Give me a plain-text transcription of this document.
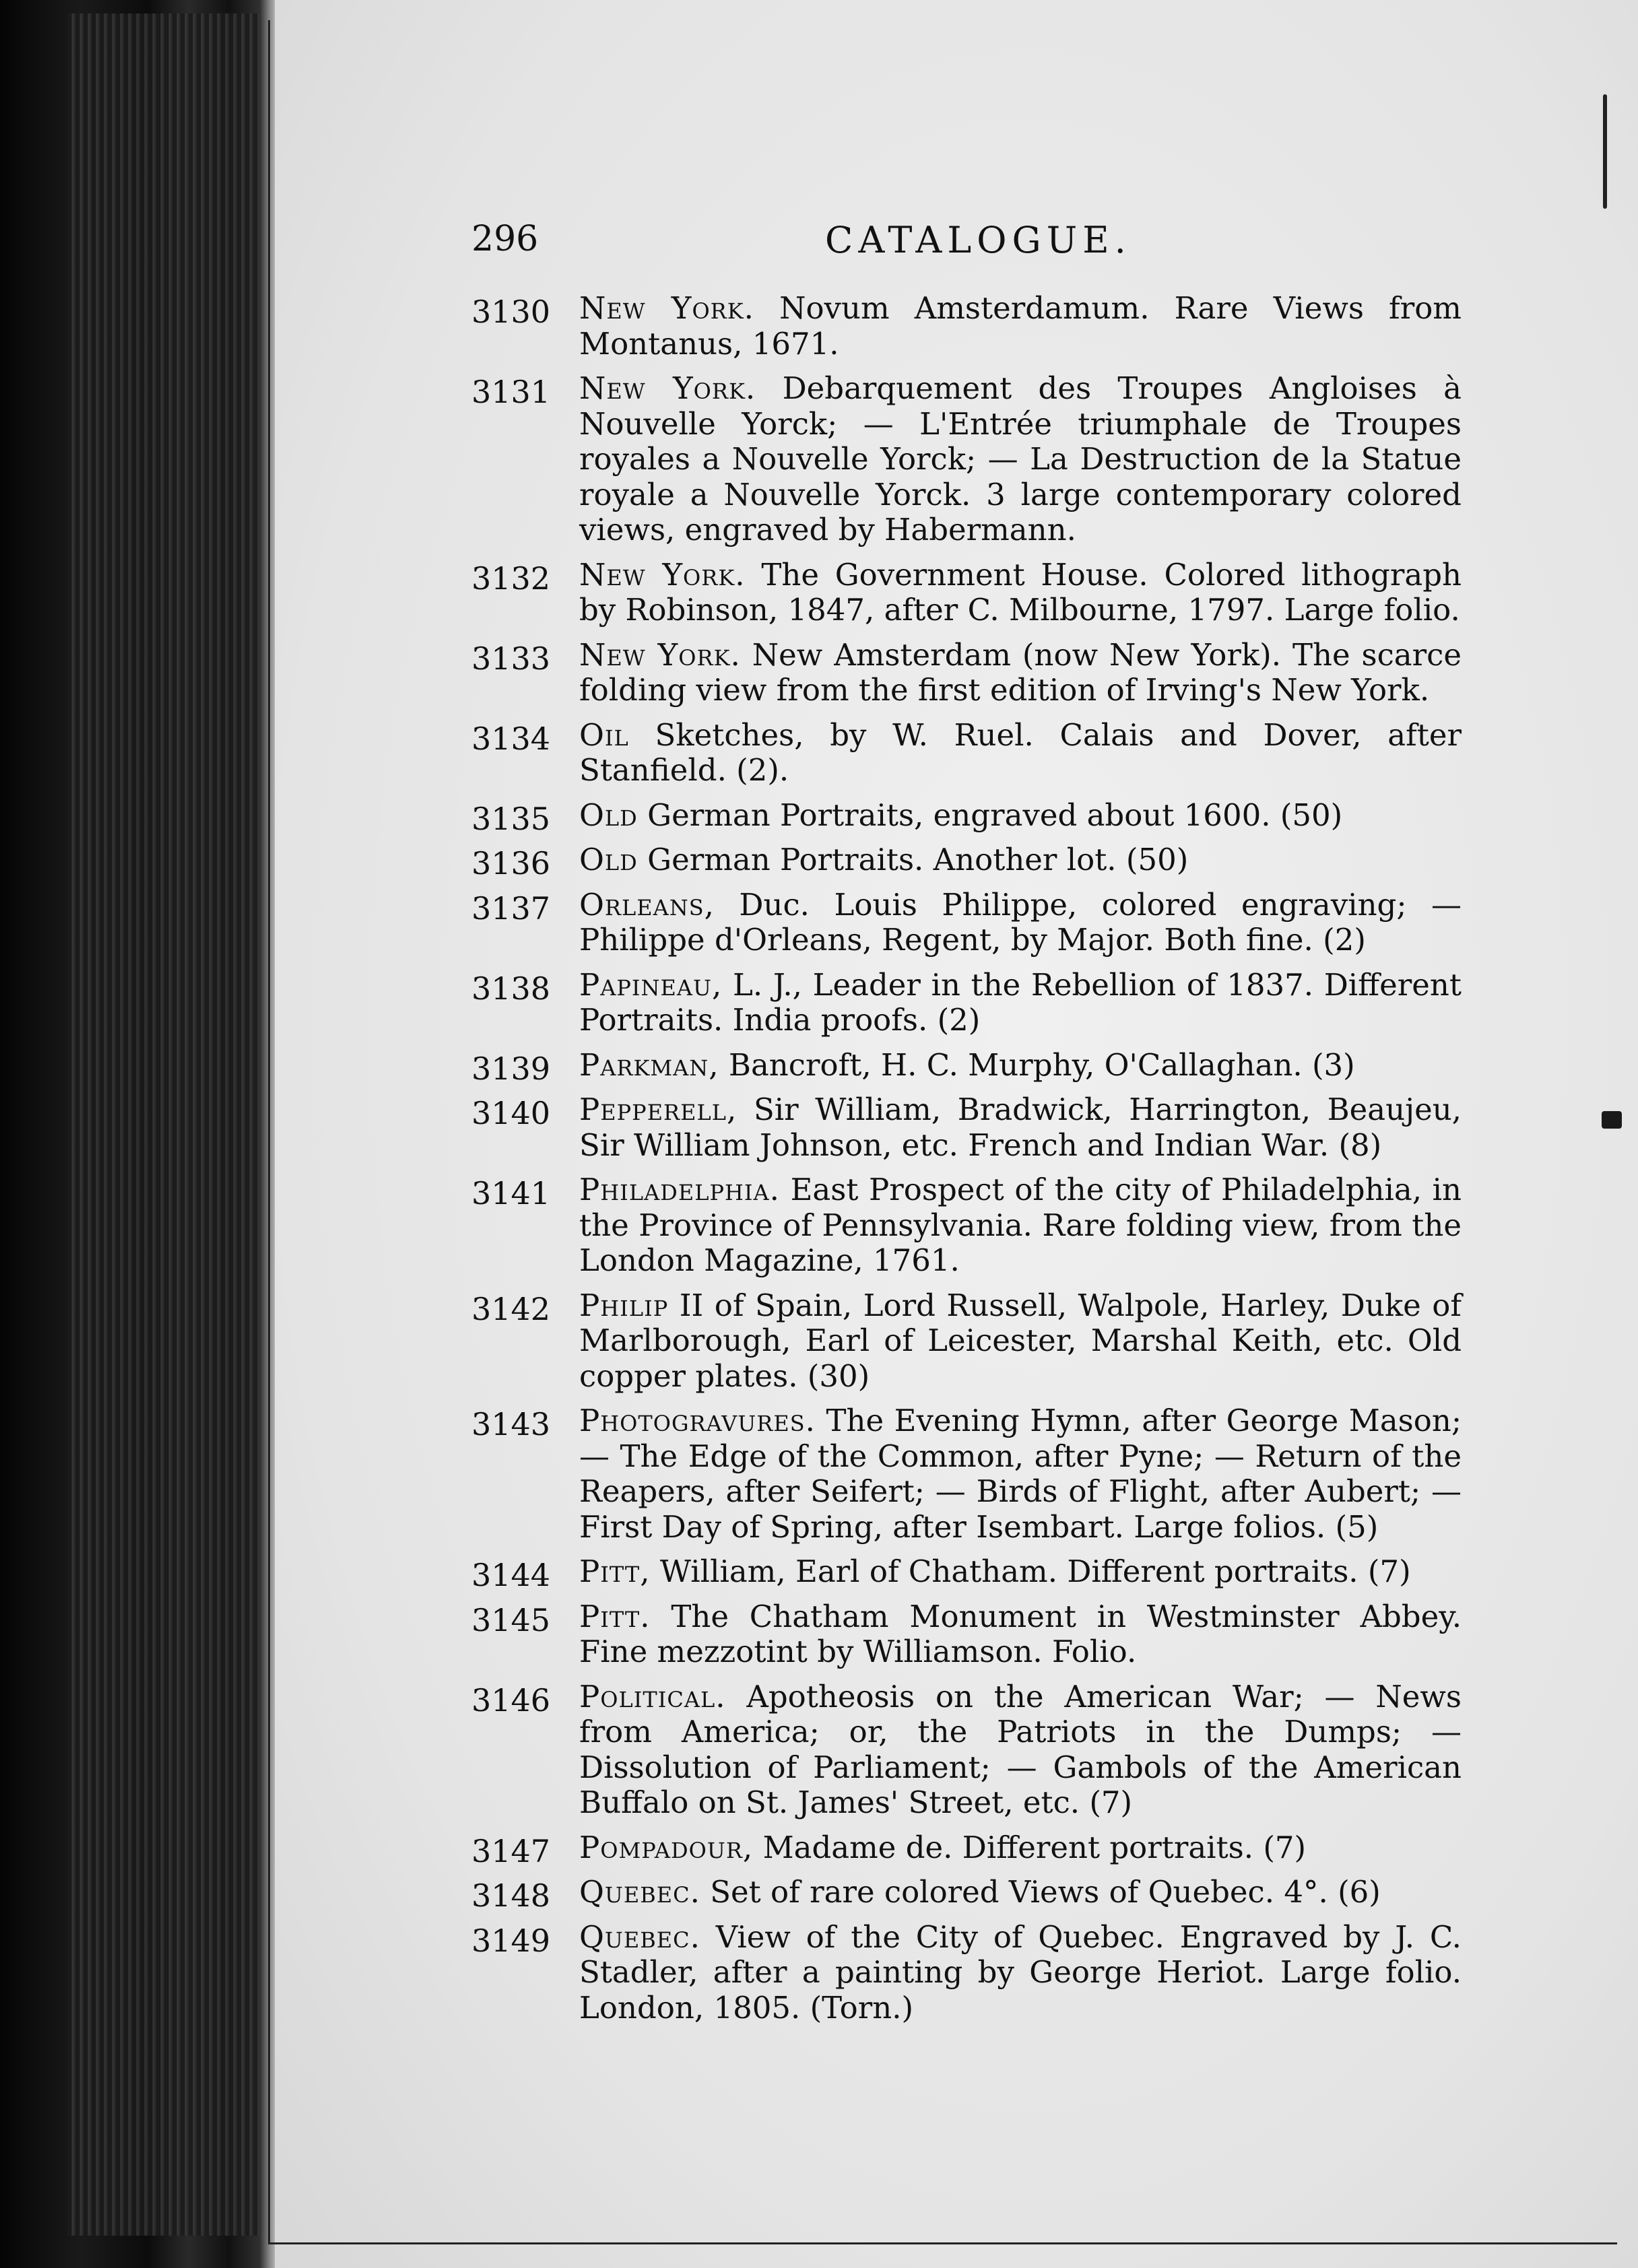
296	CATALOGUE.
3130 New York. Novum Amsterdamum. Rare Views from Montanus, 1671.
3131 New York. Debarquement des Troupes Angloises à Nouvelle Yorck; — L'Entrée triumphale de Troupes royales a Nouvelle Yorck; — La Destruction de la Statue royale a Nouvelle Yorck. 3 large contemporary colored views, engraved by Habermann.
3132 New York. The Government House. Colored lithograph by Robinson, 1847, after C. Milbourne, 1797. Large folio.
3133 New York. New Amsterdam (now New York). The scarce folding view from the first edition of Irving's New York.
3134 Oil Sketches, by W. Ruel. Calais and Dover, after Stanfield. (2).
3135 Old German Portraits, engraved about 1600. (50)
3136 Old German Portraits. Another lot. (50)
3137 Orleans, Duc. Louis Philippe, colored engraving; — Philippe d'Orleans, Regent, by Major. Both fine. (2)
3138 Papineau, L. J., Leader in the Rebellion of 1837. Different Portraits. India proofs. (2)
3139 Parkman, Bancroft, H. C. Murphy, O'Callaghan. (3)
3140 Pepperell, Sir William, Bradwick, Harrington, Beaujeu, Sir William Johnson, etc. French and Indian War. (8)
3141 Philadelphia. East Prospect of the city of Philadelphia, in the Province of Pennsylvania. Rare folding view, from the London Magazine, 1761.
3142 Philip II of Spain, Lord Russell, Walpole, Harley, Duke of Marlborough, Earl of Leicester, Marshal Keith, etc. Old copper plates. (30)
3143 Photogravures. The Evening Hymn, after George Mason; — The Edge of the Common, after Pyne; — Return of the Reapers, after Seifert; — Birds of Flight, after Aubert; — First Day of Spring, after Isembart. Large folios. (5)
3144 Pitt, William, Earl of Chatham. Different portraits. (7)
3145 Pitt. The Chatham Monument in Westminster Abbey. Fine mezzotint by Williamson. Folio.
3146 Political. Apotheosis on the American War; — News from America; or, the Patriots in the Dumps; — Dissolution of Parliament; — Gambols of the American Buffalo on St. James' Street, etc. (7)
3147 Pompadour, Madame de. Different portraits. (7)
3148 Quebec. Set of rare colored Views of Quebec. 4°. (6)
3149 Quebec. View of the City of Quebec. Engraved by J. C. Stadler, after a painting by George Heriot. Large folio. London, 1805. (Torn.)
